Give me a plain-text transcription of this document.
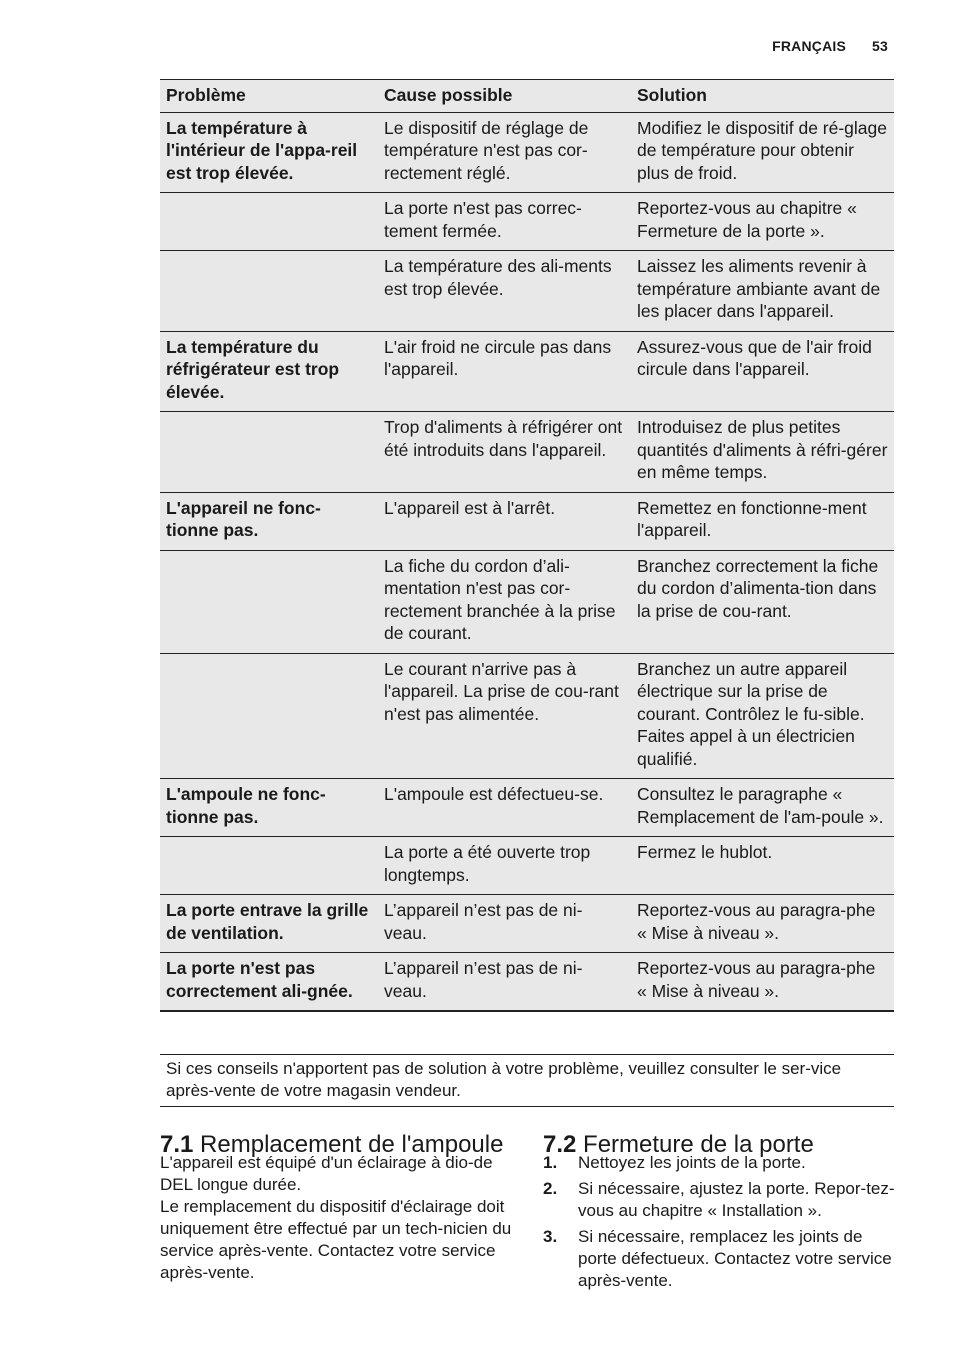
FRANÇAIS 53
Problème	Cause possible	Solution
La température à l'intérieur de l'appa-reil est trop élevée.	Le dispositif de réglage de température n'est pas cor-rectement réglé.	Modifiez le dispositif de ré-glage de température pour obtenir plus de froid.
	La porte n'est pas correc-tement fermée.	Reportez-vous au chapitre « Fermeture de la porte ».
	La température des ali-ments est trop élevée.	Laissez les aliments revenir à température ambiante avant de les placer dans l'appareil.
La température du réfrigérateur est trop élevée.	L'air froid ne circule pas dans l'appareil.	Assurez-vous que de l'air froid circule dans l'appareil.
	Trop d'aliments à réfrigérer ont été introduits dans l'appareil.	Introduisez de plus petites quantités d'aliments à réfri-gérer en même temps.
L'appareil ne fonc-tionne pas.	L'appareil est à l'arrêt.	Remettez en fonctionne-ment l'appareil.
	La fiche du cordon d’ali-mentation n'est pas cor-rectement branchée à la prise de courant.	Branchez correctement la fiche du cordon d’alimenta-tion dans la prise de cou-rant.
	Le courant n'arrive pas à l'appareil. La prise de cou-rant n'est pas alimentée.	Branchez un autre appareil électrique sur la prise de courant. Contrôlez le fu-sible. Faites appel à un électricien qualifié.
L'ampoule ne fonc-tionne pas.	L'ampoule est défectueu-se.	Consultez le paragraphe « Remplacement de l'am-poule ».
	La porte a été ouverte trop longtemps.	Fermez le hublot.
La porte entrave la grille de ventilation.	L’appareil n’est pas de ni-veau.	Reportez-vous au paragra-phe « Mise à niveau ».
La porte n'est pas correctement ali-gnée.	L’appareil n’est pas de ni-veau.	Reportez-vous au paragra-phe « Mise à niveau ».
Si ces conseils n'apportent pas de solution à votre problème, veuillez consulter le ser-vice après-vente de votre magasin vendeur.
7.1 Remplacement de l'ampoule

L'appareil est équipé d'un éclairage à dio-de DEL longue durée.

Le remplacement du dispositif d'éclairage doit uniquement être effectué par un tech-nicien du service après-vente. Contactez votre service après-vente.

7.2 Fermeture de la porte
1.	Nettoyez les joints de la porte.
2.	Si nécessaire, ajustez la porte. Repor-tez-vous au chapitre « Installation ».
3.	Si nécessaire, remplacez les joints de porte défectueux. Contactez votre service après-vente.
